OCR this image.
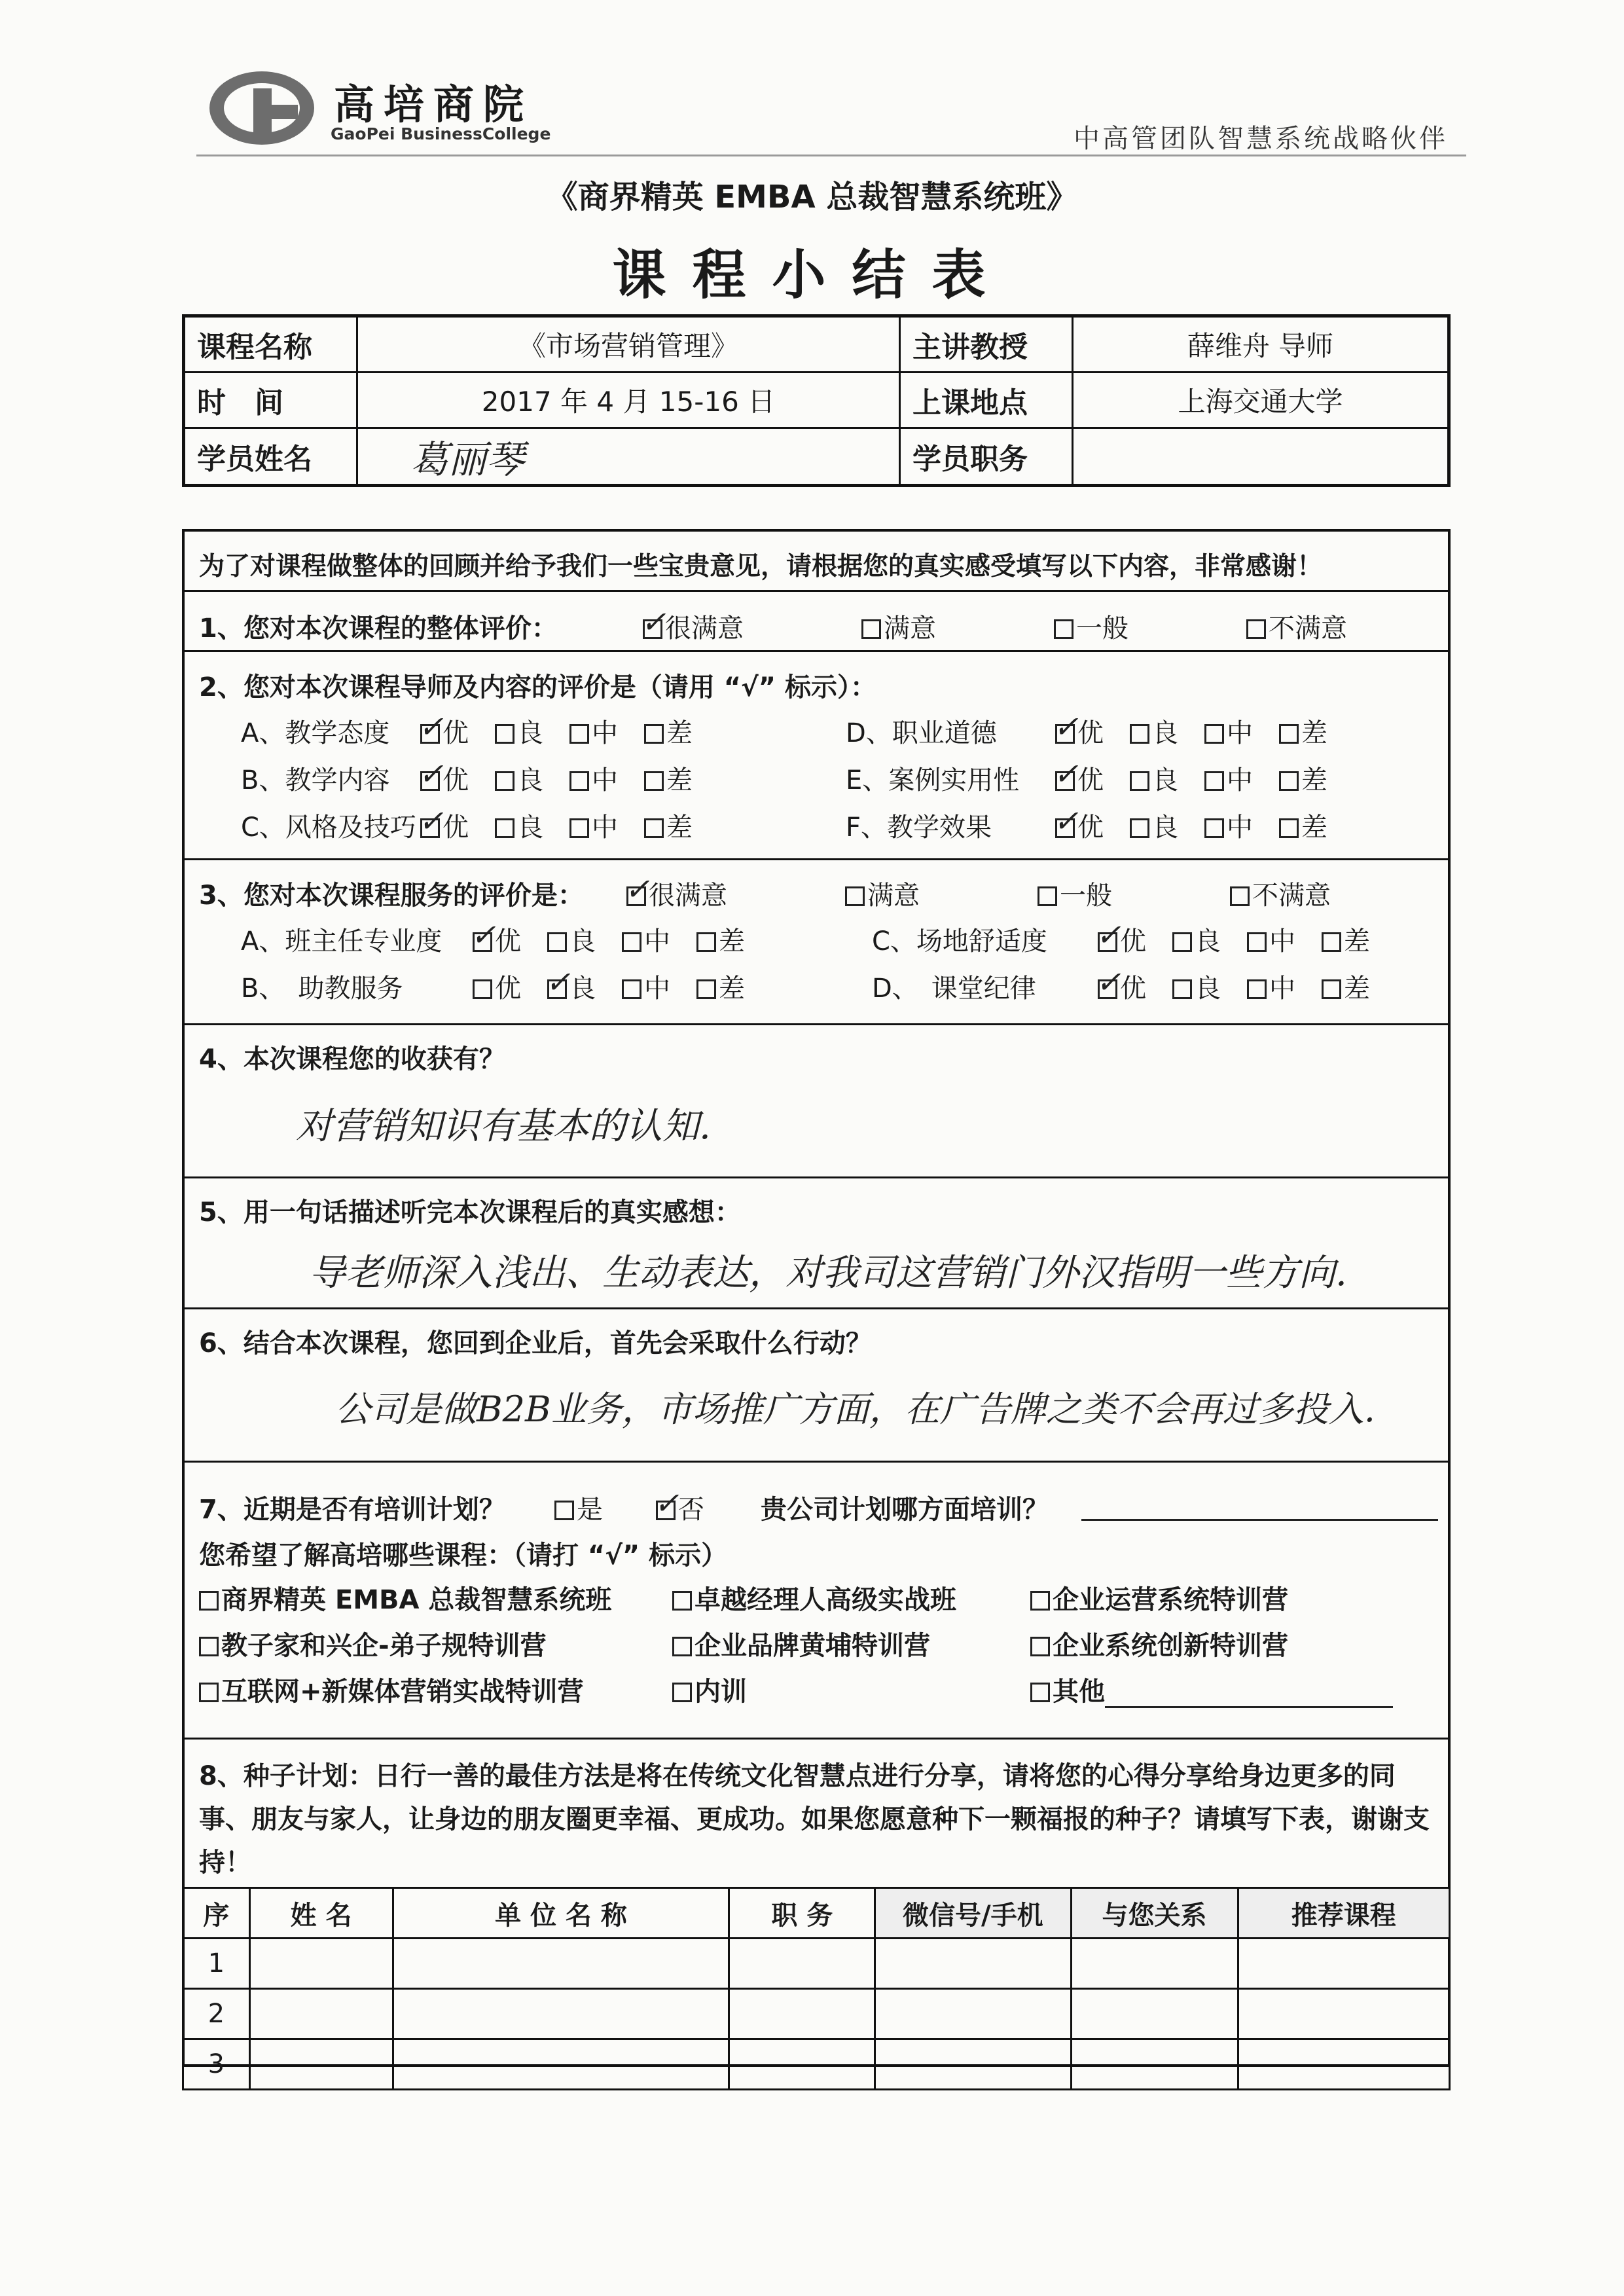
高培商院
GaoPei BusinessCollege	中高管团队智慧系统战略伙伴
《商界精英 EMBA 总裁智慧系统班》
课程小结表
课程名称	《市场营销管理》	主讲教授	薛维舟 导师
时　间	2017 年 4 月 15-16 日	上课地点	上海交通大学
学员姓名	葛丽琴	学员职务	
为了对课程做整体的回顾并给予我们一些宝贵意见，请根据您的真实感受填写以下内容，非常感谢！
1、您对本次课程的整体评价： ✓	很满意	满意	一般	不满意
2、您对本次课程导师及内容的评价是（请用 “√” 标示）：
A、教学态度 ✓	优 良 中 差
B、教学内容 ✓	优 良 中 差
C、风格及技巧 ✓	优 良 中 差
D、职业道德 ✓	优 良 中 差
E、案例实用性 ✓	优 良 中 差
F、教学效果 ✓	优 良 中 差
3、您对本次课程服务的评价是： ✓	很满意	满意	一般	不满意
A、班主任专业度 ✓	优 良 中 差
B、　助教服务	优 ✓ 良 中 差
C、场地舒适度 ✓	优 良 中 差
D、　课堂纪律 ✓	优 良 中 差
4、本次课程您的收获有？
对营销知识有基本的认知.
5、用一句话描述听完本次课程后的真实感想：
导老师深入浅出、生动表达，对我司这营销门外汉指明一些方向.
6、结合本次课程，您回到企业后，首先会采取什么行动？
公司是做B2B业务，市场推广方面，在广告牌之类不会再过多投入.
7、近期是否有培训计划？	是 ✓	否 贵公司计划哪方面培训？
您希望了解高培哪些课程：（请打 “√” 标示）
商界精英 EMBA 总裁智慧系统班	卓越经理人高级实战班	企业运营系统特训营
教子家和兴企-弟子规特训营	企业品牌黄埔特训营	企业系统创新特训营
互联网+新媒体营销实战特训营	内训	其他
8、种子计划：日行一善的最佳方法是将在传统文化智慧点进行分享，请将您的心得分享给身边更多的同事、朋友与家人，让身边的朋友圈更幸福、更成功。如果您愿意种下一颗福报的种子？请填写下表，谢谢支持！
序	姓 名	单 位 名 称	职 务	微信号/手机	与您关系	推荐课程
1						
2						
3						
